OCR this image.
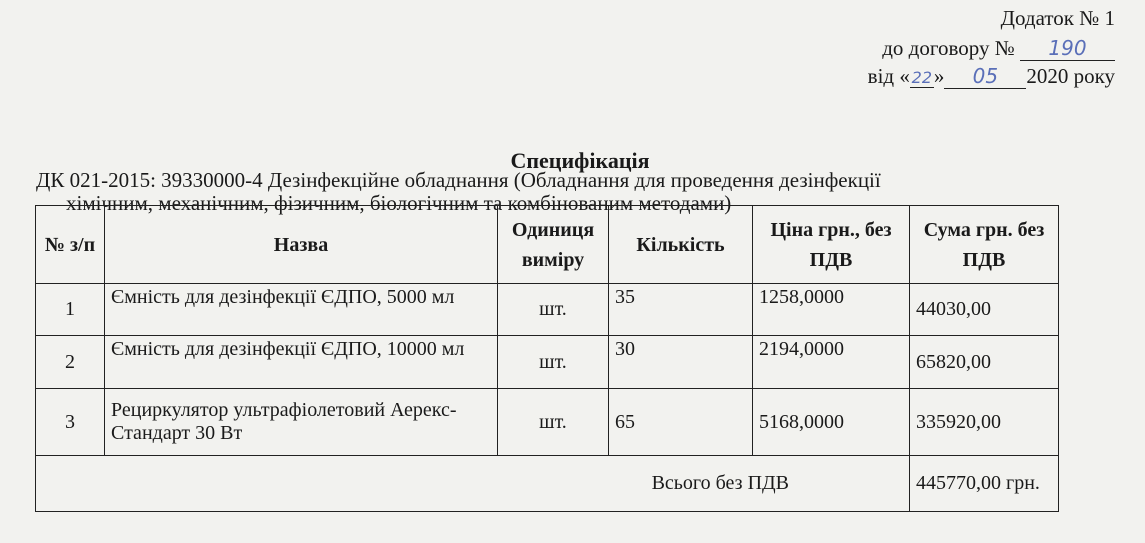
Додаток № 1
до договору № 190
від « 22» 05 2020 року
Специфікація
ДК 021-2015: 39330000-4 Дезінфекційне обладнання (Обладнання для проведення дезінфекції
хімічним, механічним, фізичним, біологічним та комбінованим методами)
№ з/п	Назва	Одиниця виміру	Кількість	Ціна грн., без ПДВ	Сума грн. без ПДВ
1	Ємність для дезінфекції ЄДПО, 5000 мл	шт.	35	1258,0000	44030,00
2	Ємність для дезінфекції ЄДПО, 10000 мл	шт.	30	2194,0000	65820,00
3	Рециркулятор ультрафіолетовий Аерекс-Стандарт 30 Вт	шт.	65	5168,0000	335920,00
Всього без ПДВ					445770,00 грн.
